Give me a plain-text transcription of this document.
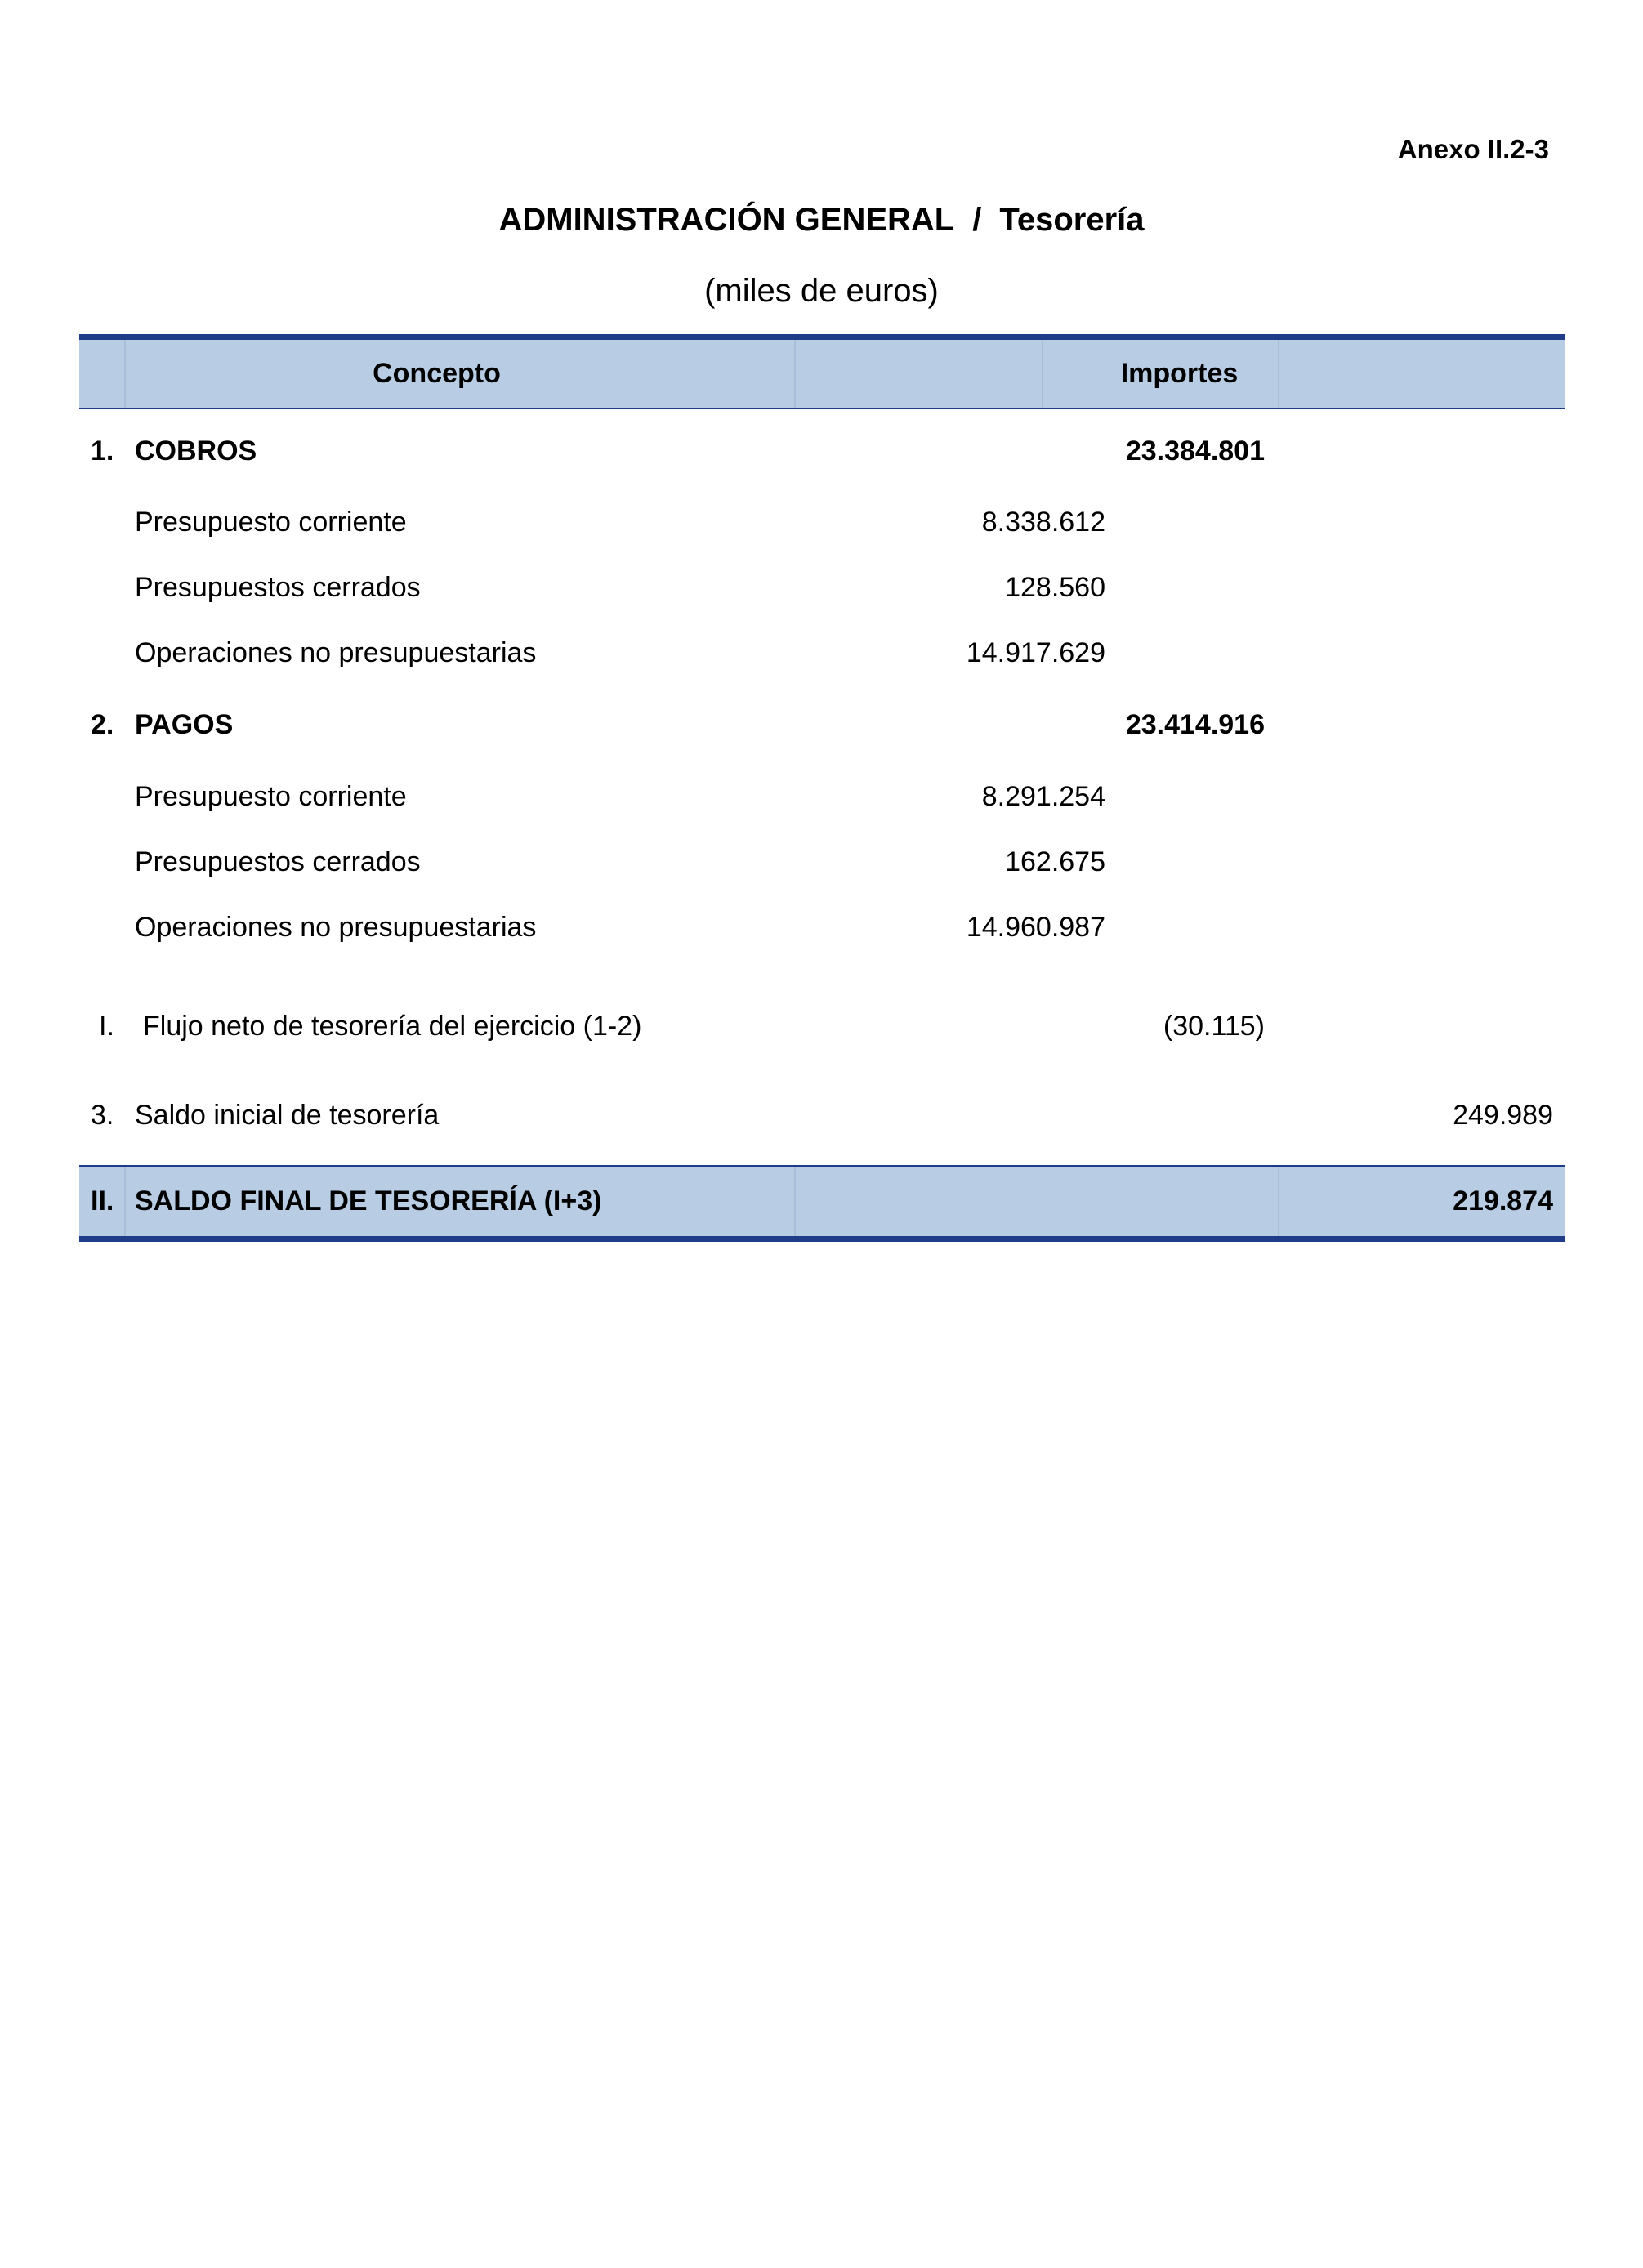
Anexo II.2-3
ADMINISTRACIÓN GENERAL / Tesorería
(miles de euros)
Concepto	Importes
1. COBROS	23.384.801
Presupuesto corriente	8.338.612
Presupuestos cerrados	128.560
Operaciones no presupuestarias	14.917.629
2. PAGOS	23.414.916
Presupuesto corriente	8.291.254
Presupuestos cerrados	162.675
Operaciones no presupuestarias	14.960.987
I. Flujo neto de tesorería del ejercicio (1-2)	(30.115)
3. Saldo inicial de tesorería	249.989
II. SALDO FINAL DE TESORERÍA (I+3)	219.874
